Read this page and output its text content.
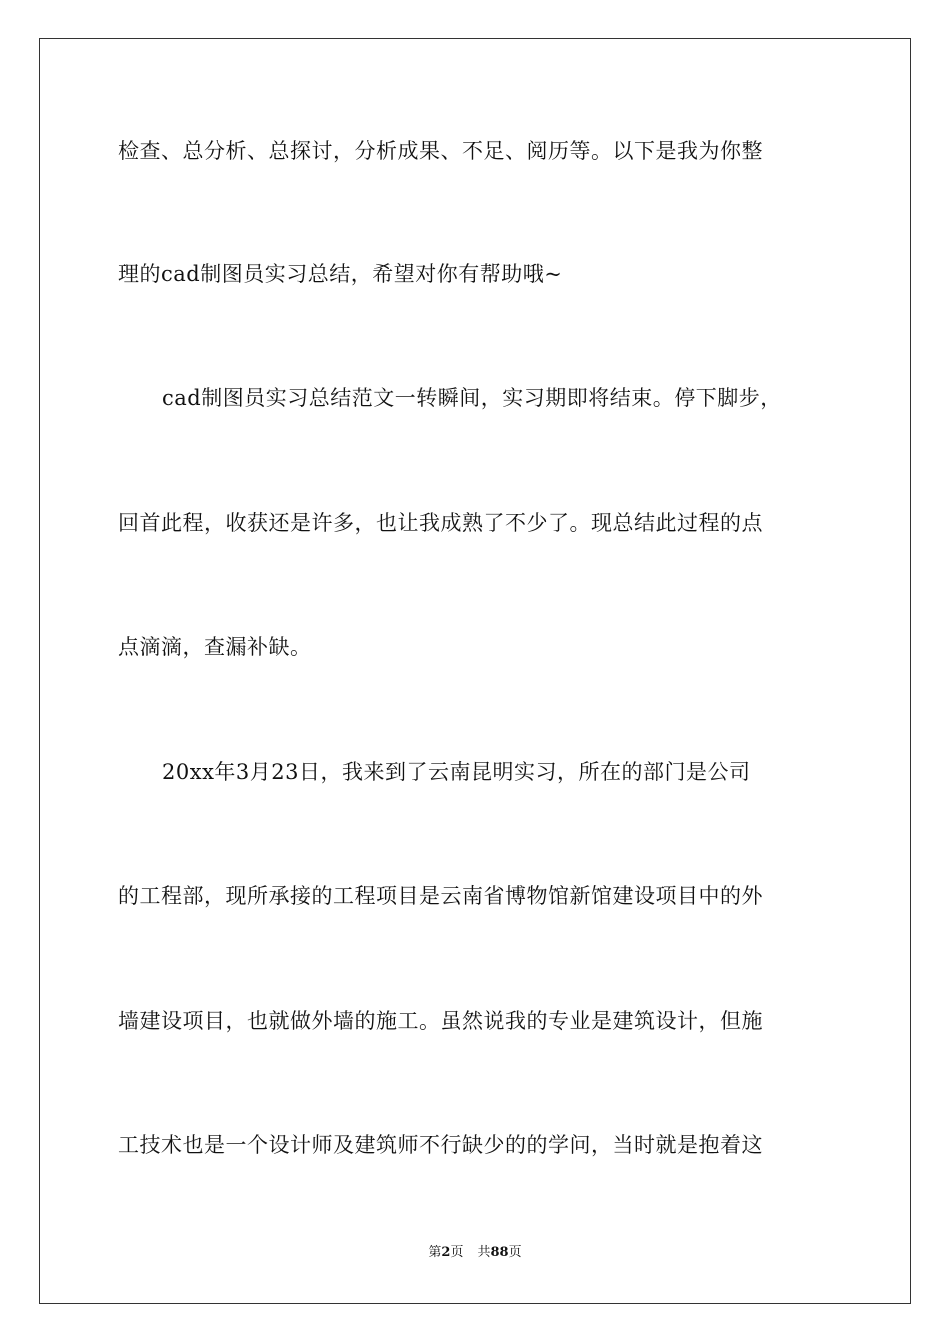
检查、总分析、总探讨，分析成果、不足、阅历等。以下是我为你整
理的cad制图员实习总结，希望对你有帮助哦~
cad制图员实习总结范文一转瞬间，实习期即将结束。停下脚步，
回首此程，收获还是许多，也让我成熟了不少了。现总结此过程的点
点滴滴，查漏补缺。
20xx年3月23日，我来到了云南昆明实习，所在的部门是公司
的工程部，现所承接的工程项目是云南省博物馆新馆建设项目中的外
墙建设项目，也就做外墙的施工。虽然说我的专业是建筑设计，但施
工技术也是一个设计师及建筑师不行缺少的的学问，当时就是抱着这
第2页 共88页
